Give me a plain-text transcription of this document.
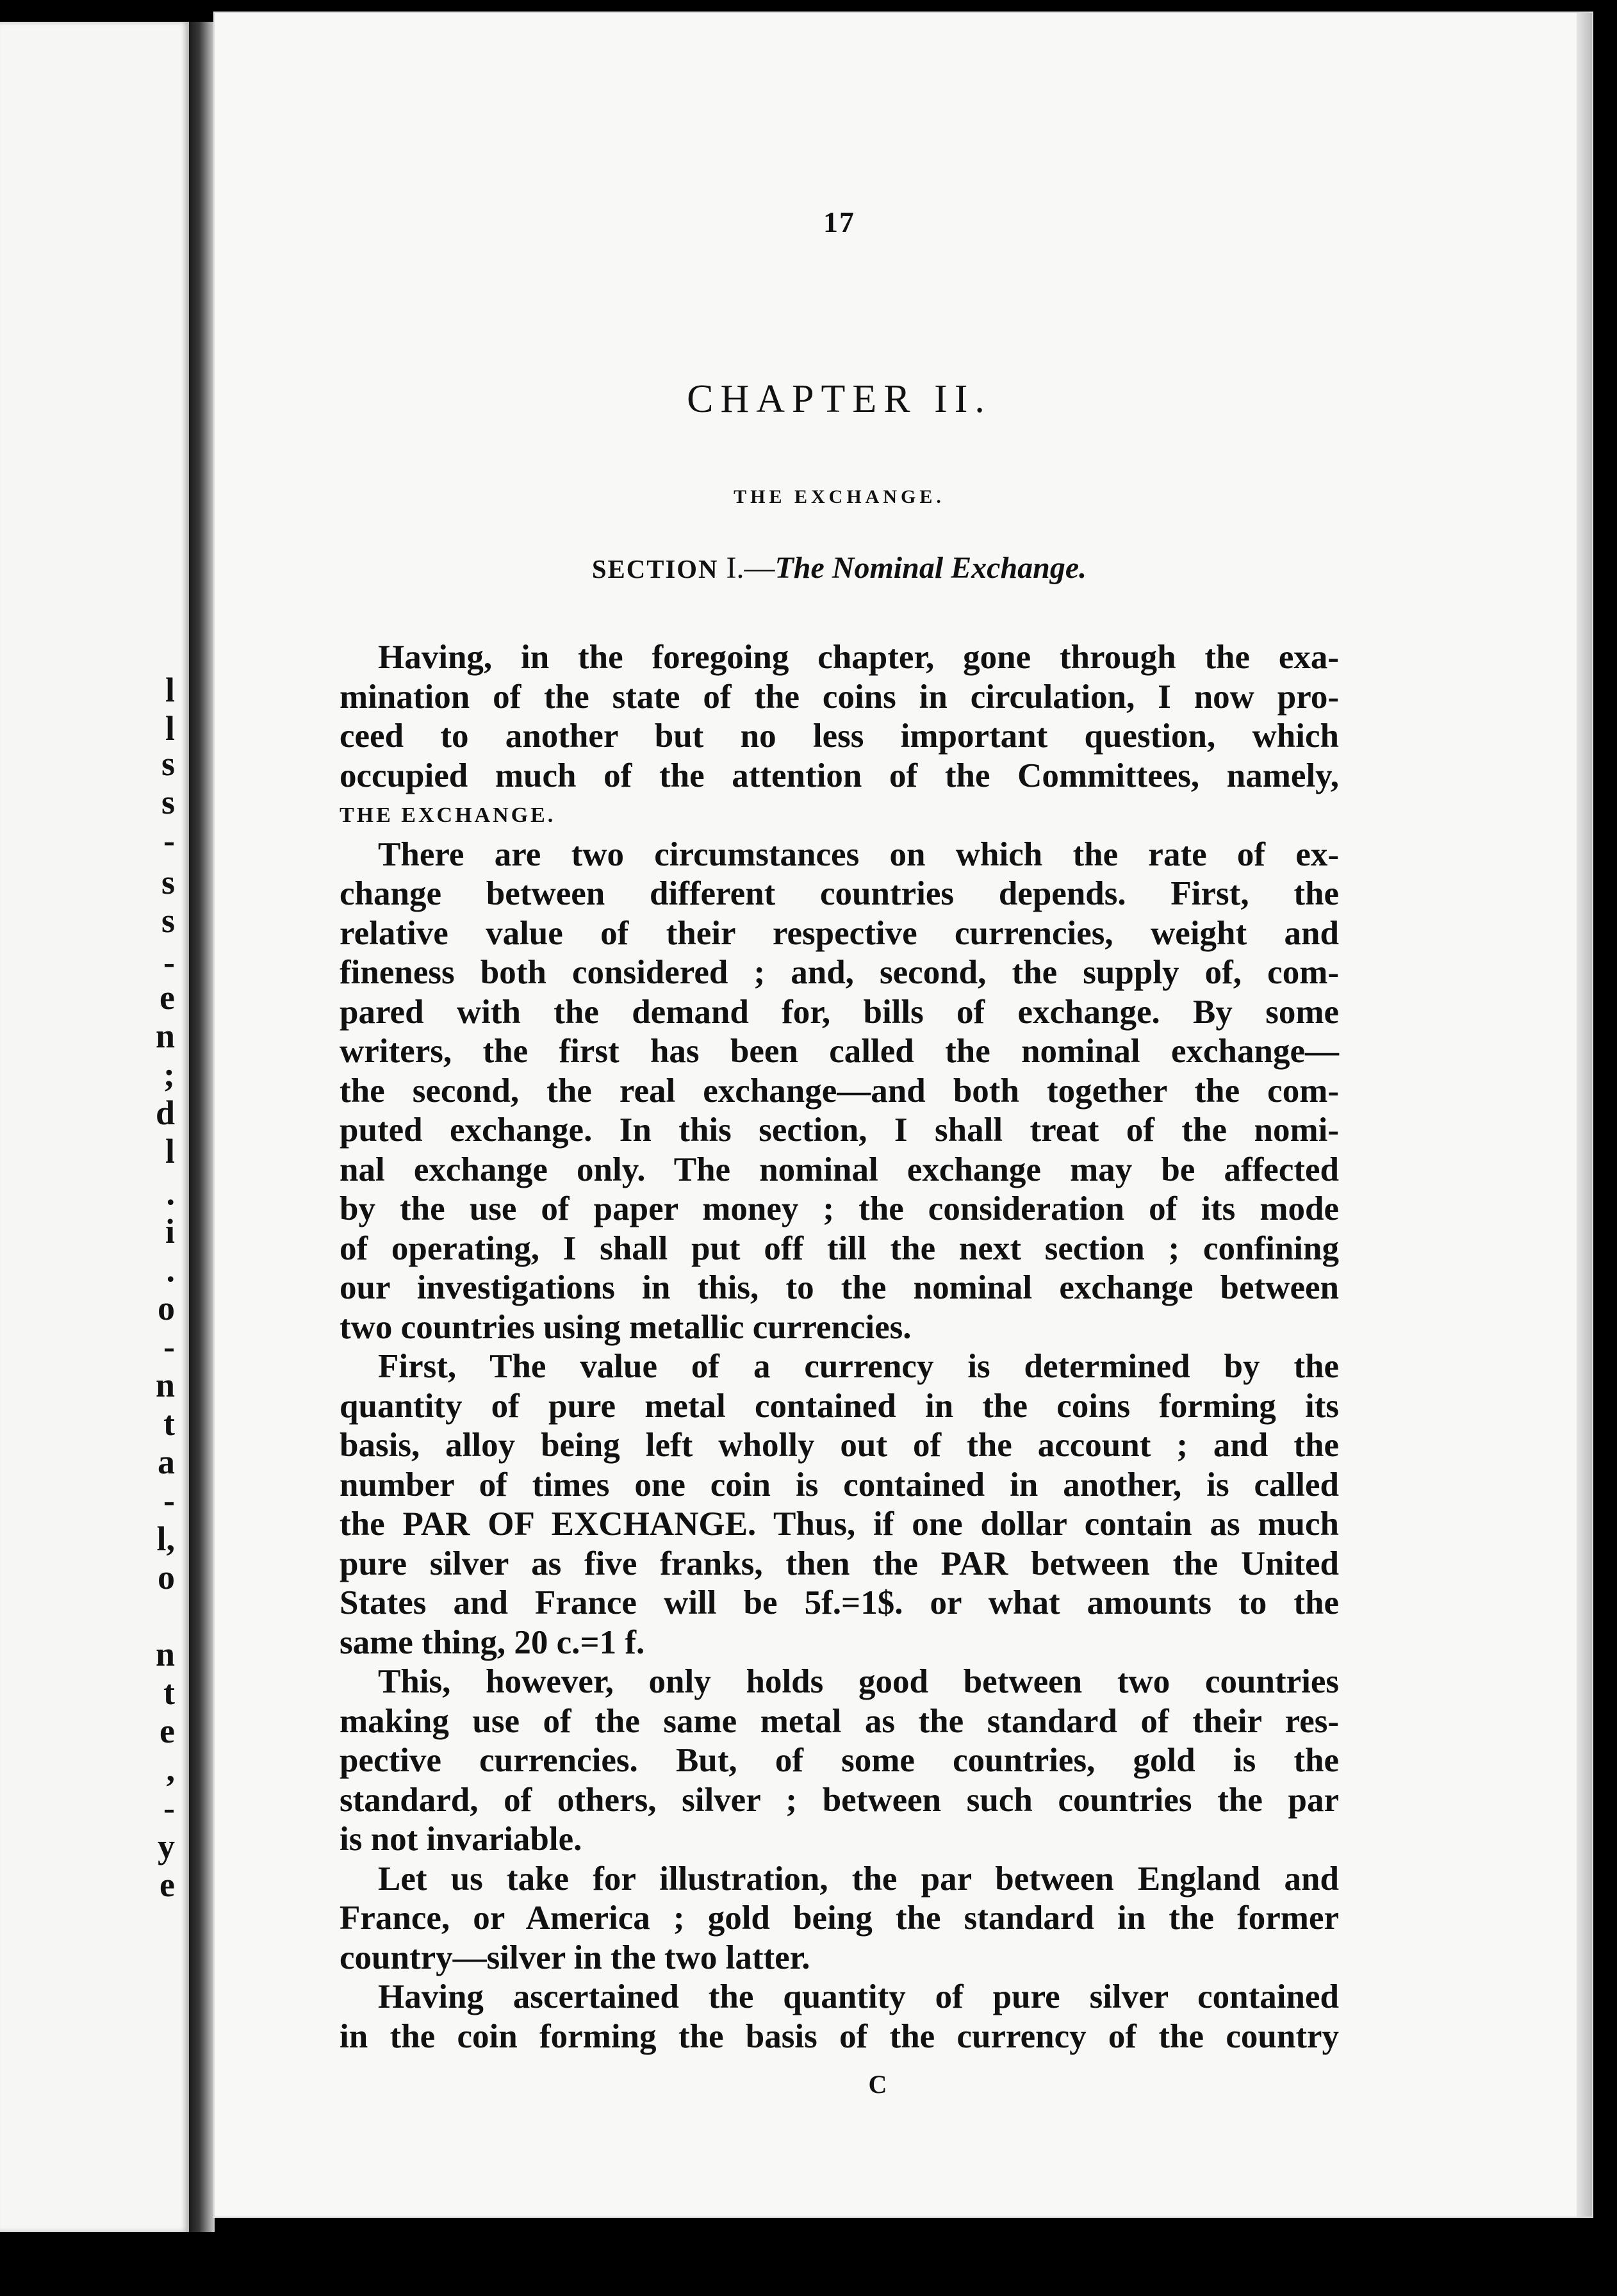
l
l
s
s
-
s
s
-
e
n
;
d
l
.
i
.
o
-
n
t
a
-
l,
o
n
t
e
,
-
y
e
17
CHAPTER II.
THE EXCHANGE.
SECTION I.—The Nominal Exchange.
Having, in the foregoing chapter, gone through the exa-
mination of the state of the coins in circulation, I now pro-
ceed to another but no less important question, which
occupied much of the attention of the Committees, namely,
THE EXCHANGE.
There are two circumstances on which the rate of ex-
change between different countries depends. First, the
relative value of their respective currencies, weight and
fineness both considered ; and, second, the supply of, com-
pared with the demand for, bills of exchange. By some
writers, the first has been called the nominal exchange—
the second, the real exchange—and both together the com-
puted exchange. In this section, I shall treat of the nomi-
nal exchange only. The nominal exchange may be affected
by the use of paper money ; the consideration of its mode
of operating, I shall put off till the next section ; confining
our investigations in this, to the nominal exchange between
two countries using metallic currencies.
First, The value of a currency is determined by the
quantity of pure metal contained in the coins forming its
basis, alloy being left wholly out of the account ; and the
number of times one coin is contained in another, is called
the PAR OF EXCHANGE. Thus, if one dollar contain as much
pure silver as five franks, then the PAR between the United
States and France will be 5f.=1$. or what amounts to the
same thing, 20 c.=1 f.
This, however, only holds good between two countries
making use of the same metal as the standard of their res-
pective currencies. But, of some countries, gold is the
standard, of others, silver ; between such countries the par
is not invariable.
Let us take for illustration, the par between England and
France, or America ; gold being the standard in the former
country—silver in the two latter.
Having ascertained the quantity of pure silver contained
in the coin forming the basis of the currency of the country
C
